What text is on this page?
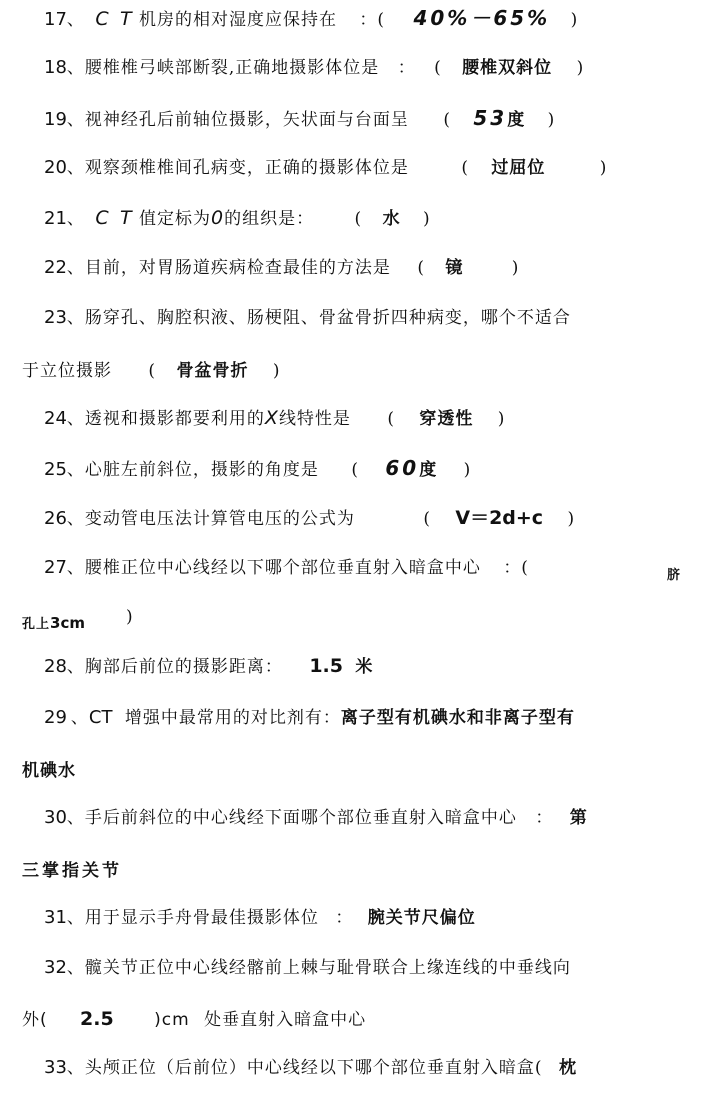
17、 C T 机房的相对湿度应保持在 ：( 40%－65% )
18、腰椎椎弓峡部断裂,正确地摄影体位是 ： ( 腰椎双斜位 )
19、视神经孔后前轴位摄影，矢状面与台面呈 ( 53度 )
20、观察颈椎椎间孔病变，正确的摄影体位是	( 过屈位	)
21、 C T 值定标为0的组织是： ( 水 )
22、目前，对胃肠道疾病检查最佳的方法是 ( 镜	)
23、肠穿孔、胸腔积液、肠梗阻、骨盆骨折四种病变，哪个不适合
于立位摄影 ( 骨盆骨折 )
24、透视和摄影都要利用的X线特性是 ( 穿透性 )
25、心脏左前斜位，摄影的角度是 ( 60度 )
26、变动管电压法计算管电压的公式为	( V＝2d+c )
27、腰椎正位中心线经以下哪个部位垂直射入暗盒中心 ：(	脐
孔上3cm )
28、胸部后前位的摄影距离： 1.5 米
29 、CT 增强中最常用的对比剂有：离子型有机碘水和非离子型有
机碘水
30、手后前斜位的中心线经下面哪个部位垂直射入暗盒中心 ： 第
三掌指关节
31、用于显示手舟骨最佳摄影体位 ： 腕关节尺偏位
32、髋关节正位中心线经髂前上棘与耻骨联合上缘连线的中垂线向
外( 2.5 )cm 处垂直射入暗盒中心
33、头颅正位（后前位）中心线经以下哪个部位垂直射入暗盒( 枕
